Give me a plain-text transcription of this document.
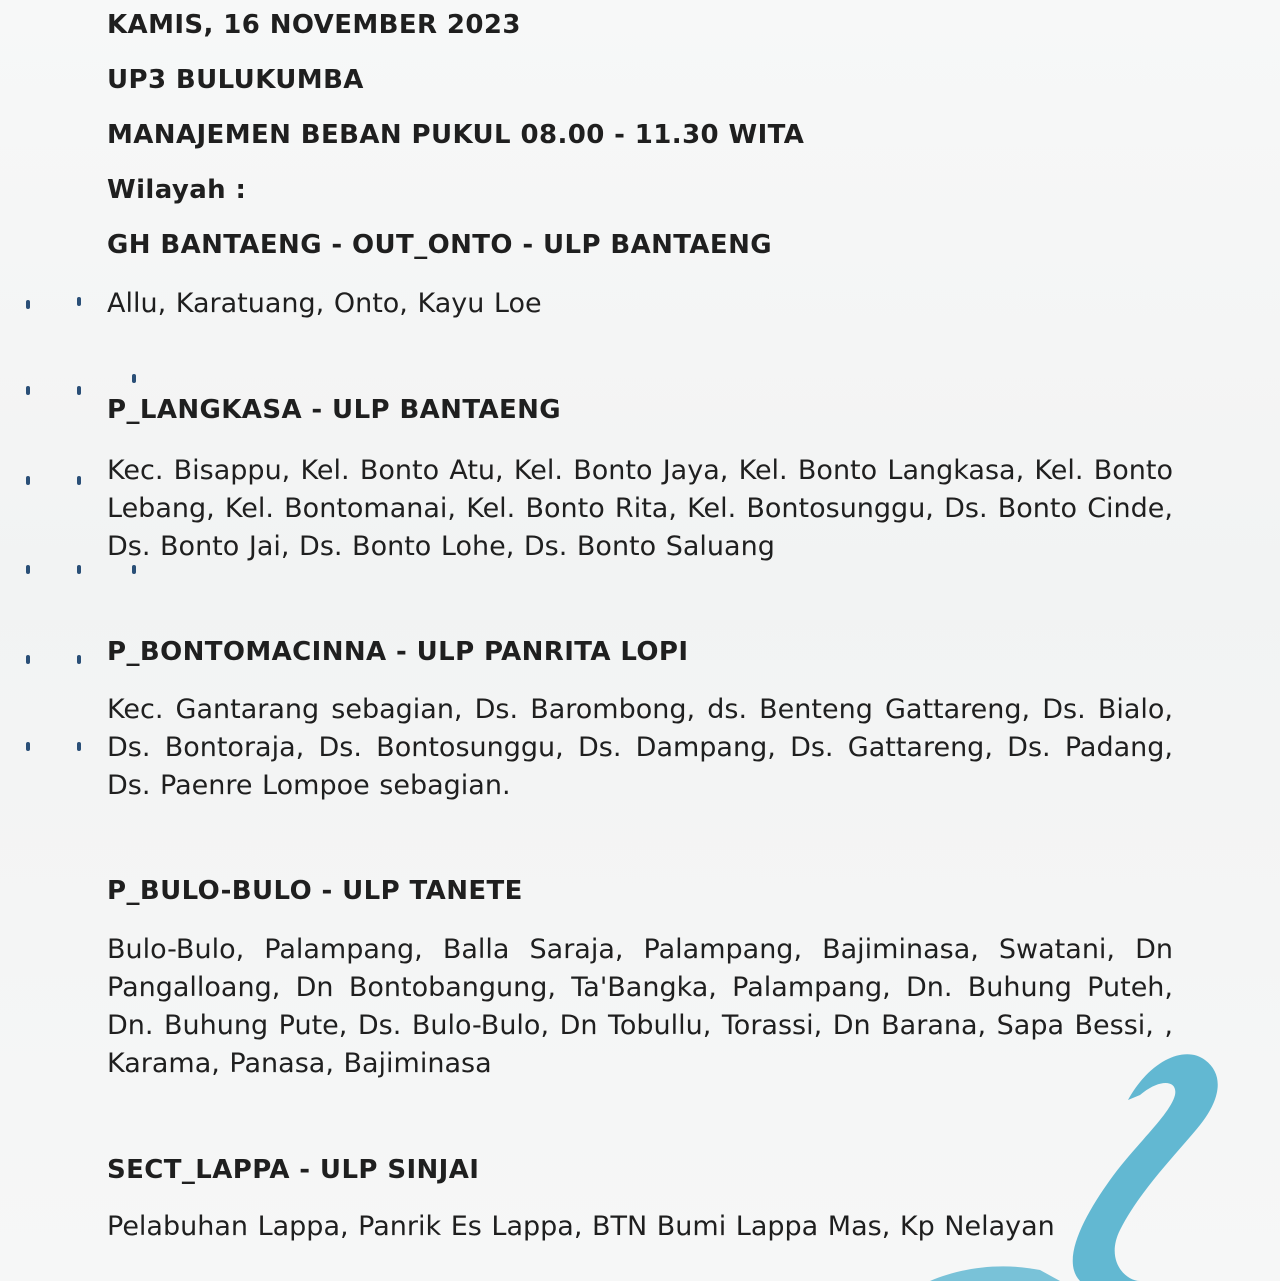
KAMIS, 16 NOVEMBER 2023
UP3 BULUKUMBA
MANAJEMEN BEBAN PUKUL 08.00 - 11.30 WITA
Wilayah :
GH BANTAENG - OUT_ONTO - ULP BANTAENG
Allu, Karatuang, Onto, Kayu Loe
P_LANGKASA - ULP BANTAENG
Kec. Bisappu, Kel. Bonto Atu, Kel. Bonto Jaya, Kel. Bonto Langkasa, Kel. Bonto Lebang, Kel. Bontomanai, Kel. Bonto Rita, Kel. Bontosunggu, Ds. Bonto Cinde, Ds. Bonto Jai, Ds. Bonto Lohe, Ds. Bonto Saluang
P_BONTOMACINNA - ULP PANRITA LOPI
Kec. Gantarang sebagian, Ds. Barombong, ds. Benteng Gattareng, Ds. Bialo, Ds. Bontoraja, Ds. Bontosunggu, Ds. Dampang, Ds. Gattareng, Ds. Padang, Ds. Paenre Lompoe sebagian.
P_BULO-BULO - ULP TANETE
Bulo-Bulo, Palampang, Balla Saraja, Palampang, Bajiminasa, Swatani, Dn Pangalloang, Dn Bontobangung, Ta'Bangka, Palampang, Dn. Buhung Puteh, Dn. Buhung Pute, Ds. Bulo-Bulo, Dn Tobullu, Torassi, Dn Barana, Sapa Bessi, , Karama, Panasa, Bajiminasa
SECT_LAPPA - ULP SINJAI
Pelabuhan Lappa, Panrik Es Lappa, BTN Bumi Lappa Mas, Kp Nelayan
